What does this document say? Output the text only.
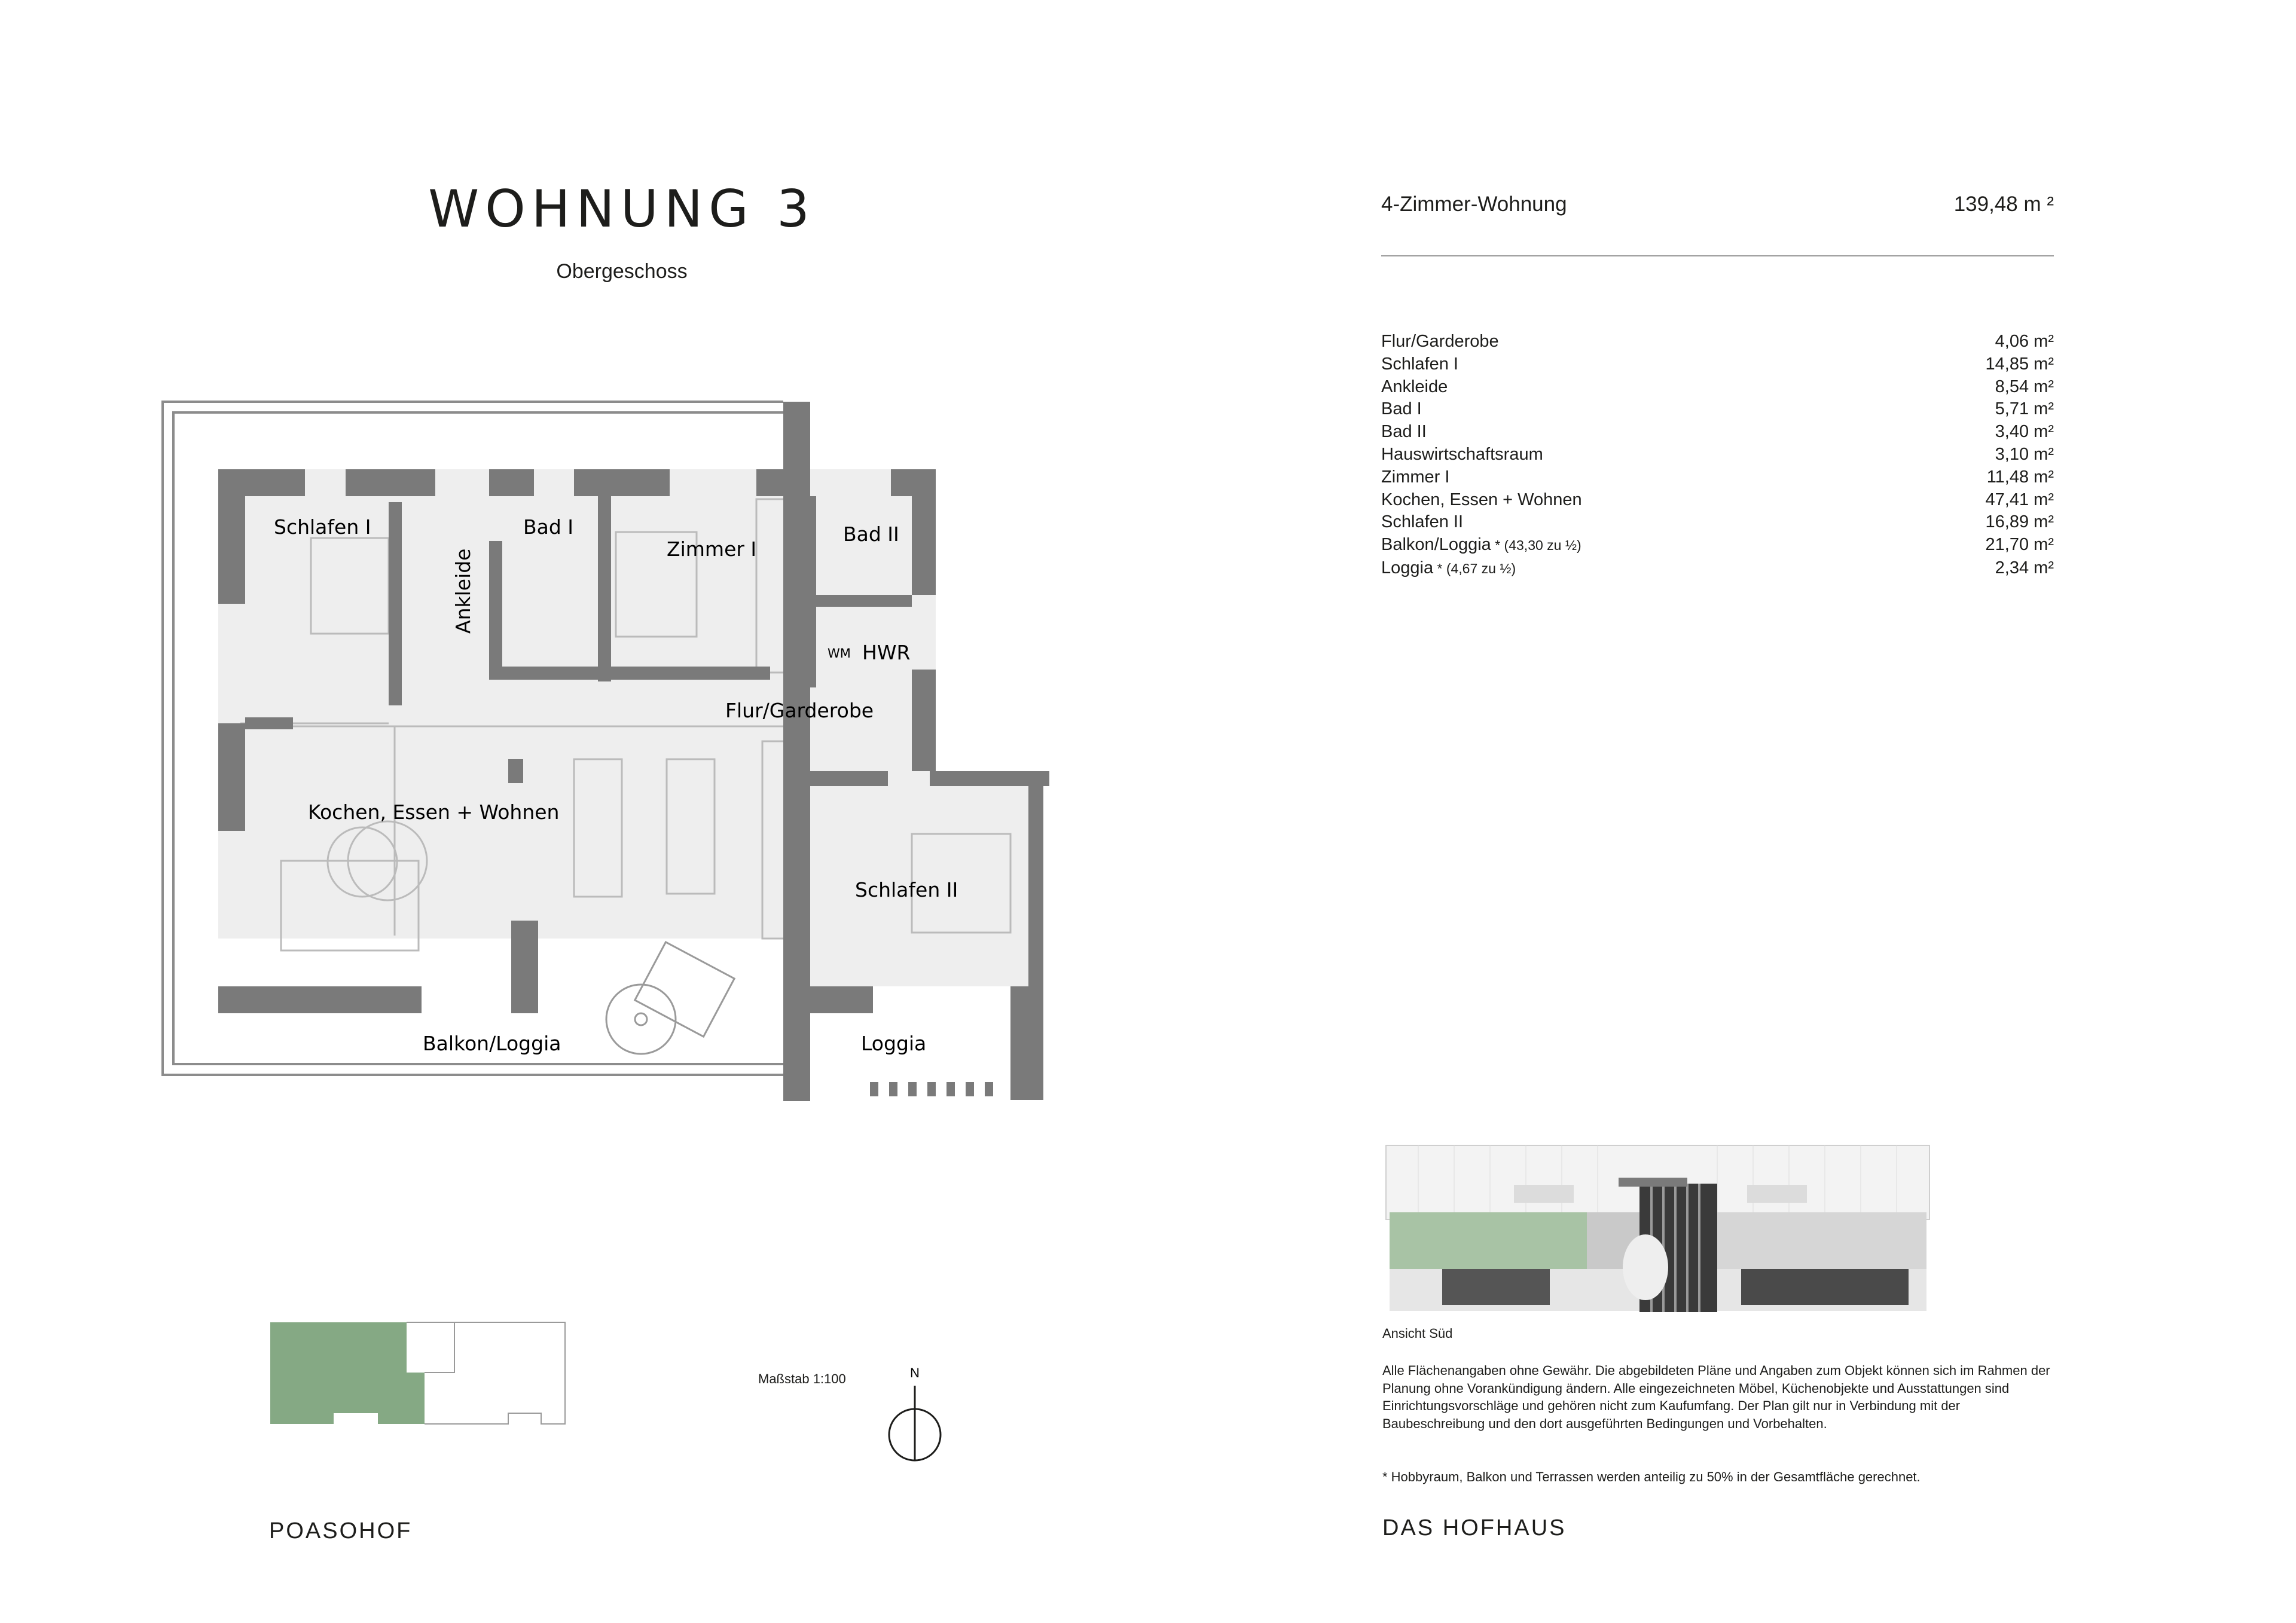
WOHNUNG 3
Obergeschoss
4-Zimmer-Wohnung	139,48 m ²
Flur/Garderobe	4,06 m²
Schlafen I	14,85 m²
Ankleide	8,54 m²
Bad I	5,71 m²
Bad II	3,40 m²
Hauswirtschaftsraum	3,10 m²
Zimmer I	11,48 m²
Kochen, Essen + Wohnen	47,41 m²
Schlafen II	16,89 m²
Balkon/Loggia * (43,30 zu ½)	21,70 m²
Loggia * (4,67 zu ½)	2,34 m²
Schlafen I
Ankleide
Bad I
Zimmer I
Bad II
WM HWR
Flur/Garderobe
Kochen, Essen + Wohnen
Schlafen II
Balkon/Loggia	Loggia
Maßstab 1:100	N
Ansicht Süd
Alle Flächenangaben ohne Gewähr. Die abgebildeten Pläne und Angaben zum Objekt können sich im Rahmen der Planung ohne Vorankündigung ändern. Alle eingezeichneten Möbel, Küchenobjekte und Ausstattungen sind Einrichtungsvorschläge und gehören nicht zum Kaufumfang. Der Plan gilt nur in Verbindung mit der Baubeschreibung und den dort ausgeführten Bedingungen und Vorbehalten.
* Hobbyraum, Balkon und Terrassen werden anteilig zu 50% in der Gesamtfläche gerechnet.
POASOHOF	DAS HOFHAUS
